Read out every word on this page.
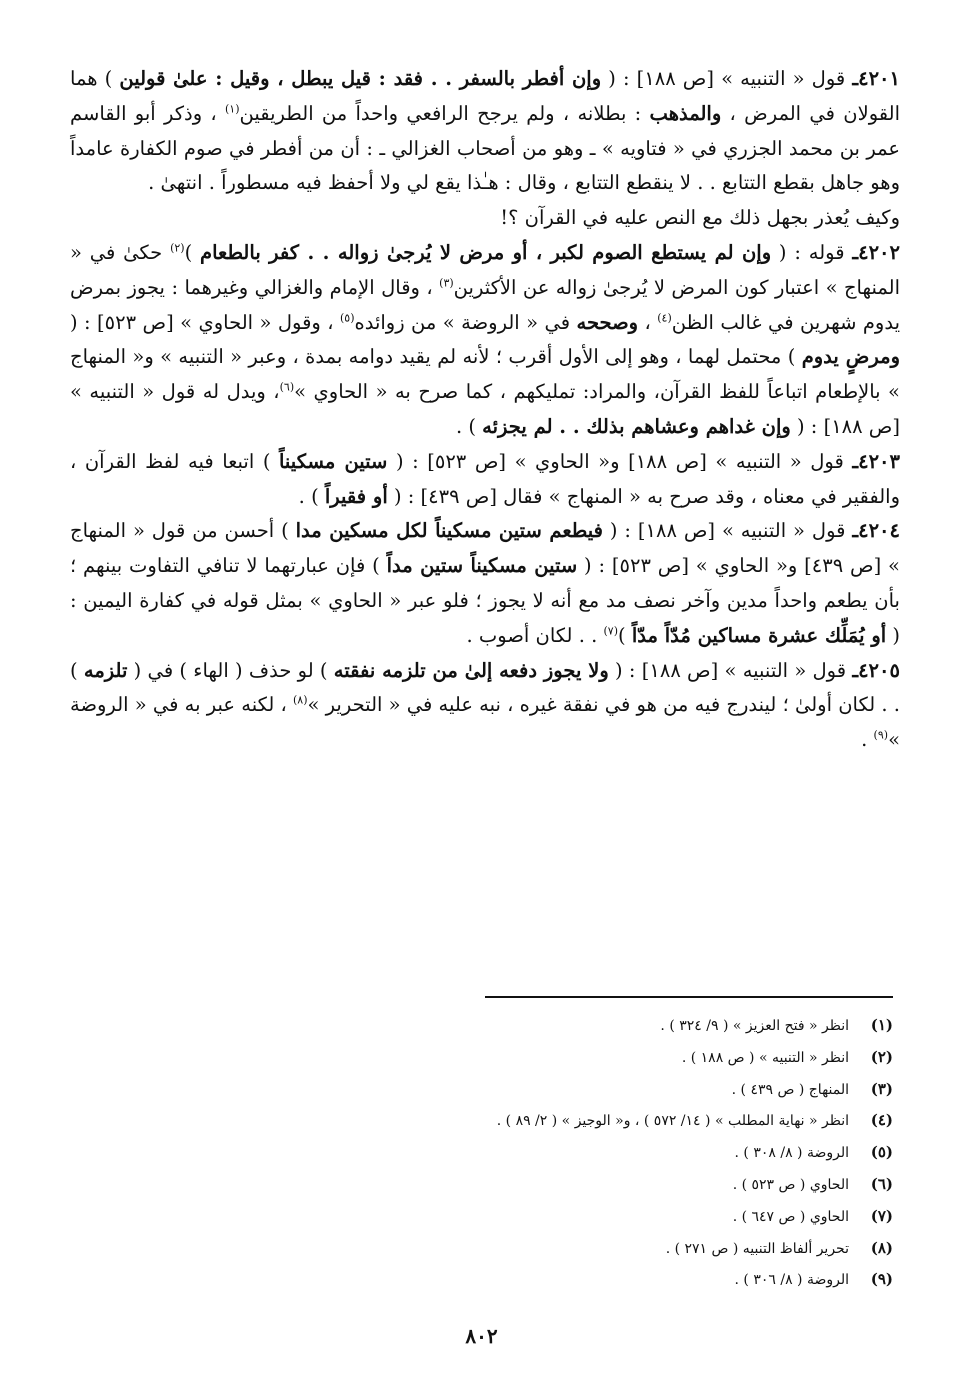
٤٢٠١ـ قول « التنبيه » [ص ١٨٨] : ( وإن أفطر بالسفر . . فقد : قيل يبطل ، وقيل : علىٰ قولين ) هما القولان في المرض ، والمذهب : بطلانه ، ولم يرجح الرافعي واحداً من الطريقين$^{(١)}$ ، وذكر أبو القاسم عمر بن محمد الجزري في « فتاويه » ـ وهو من أصحاب الغزالي ـ : أن من أفطر في صوم الكفارة عامداً وهو جاهل بقطع التتابع . . لا ينقطع التتابع ، وقال : هـٰذا يقع لي ولا أحفظ فيه مسطوراً . انتهىٰ .

وكيف يُعذر بجهل ذلك مع النص عليه في القرآن ؟!

٤٢٠٢ـ قوله : ( وإن لم يستطع الصوم لكبر ، أو مرض لا يُرجىٰ زواله . . كفر بالطعام )$^{(٢)}$ حكىٰ في « المنهاج » اعتبار كون المرض لا يُرجىٰ زواله عن الأكثرين$^{(٣)}$ ، وقال الإمام والغزالي وغيرهما : يجوز بمرض يدوم شهرين في غالب الظن$^{(٤)}$ ، وصححه في « الروضة » من زوائده$^{(٥)}$ ، وقول « الحاوي » [ص ٥٢٣] : ( ومرضٍ يدوم ) محتمل لهما ، وهو إلى الأول أقرب ؛ لأنه لم يقيد دوامه بمدة ، وعبر « التنبيه » و« المنهاج » بالإطعام اتباعاً للفظ القرآن، والمراد: تمليكهم ، كما صرح به « الحاوي »$^{(٦)}$، ويدل له قول « التنبيه » [ص ١٨٨] : ( وإن غداهم وعشاهم بذلك . . لم يجزئه ) .

٤٢٠٣ـ قول « التنبيه » [ص ١٨٨] و« الحاوي » [ص ٥٢٣] : ( ستين مسكيناً ) اتبعا فيه لفظ القرآن ، والفقير في معناه ، وقد صرح به « المنهاج » فقال [ص ٤٣٩] : ( أو فقيراً ) .

٤٢٠٤ـ قول « التنبيه » [ص ١٨٨] : ( فيطعم ستين مسكيناً لكل مسكين مدا ) أحسن من قول « المنهاج » [ص ٤٣٩] و« الحاوي » [ص ٥٢٣] : ( ستين مسكيناً ستين مداً ) فإن عبارتهما لا تنافي التفاوت بينهم ؛ بأن يطعم واحداً مدين وآخر نصف مد مع أنه لا يجوز ؛ فلو عبر « الحاوي » بمثل قوله في كفارة اليمين : ( أو يُمَلِّك عشرة مساكين مُدّاً مدّاً )$^{(٧)}$ . . لكان أصوب .

٤٢٠٥ـ قول « التنبيه » [ص ١٨٨] : ( ولا يجوز دفعه إلىٰ من تلزمه نفقته ) لو حذف ( الهاء ) في ( تلزمه ) . . لكان أولىٰ ؛ ليندرج فيه من هو في نفقة غيره ، نبه عليه في « التحرير »$^{(٨)}$ ، لكنه عبر به في « الروضة »$^{(٩)}$ .

(١)
انظر « فتح العزيز » ( ٩/ ٣٢٤ ) .
(٢)
انظر « التنبيه » ( ص ١٨٨ ) .
(٣)
المنهاج ( ص ٤٣٩ ) .
(٤)
انظر « نهاية المطلب » ( ١٤/ ٥٧٢ ) ، و« الوجيز » ( ٢/ ٨٩ ) .
(٥)
الروضة ( ٨/ ٣٠٨ ) .
(٦)
الحاوي ( ص ٥٢٣ ) .
(٧)
الحاوي ( ص ٦٤٧ ) .
(٨)
تحرير ألفاظ التنبيه ( ص ٢٧١ ) .
(٩)
الروضة ( ٨/ ٣٠٦ ) .
٨٠٢
